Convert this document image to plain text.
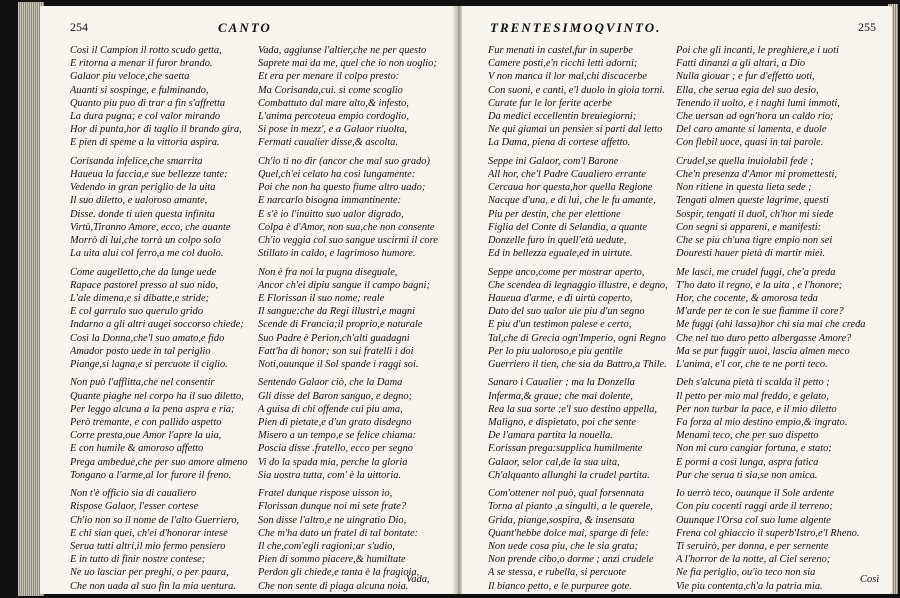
254	CANTO
Così il Campion il rotto scudo getta,
E ritorna a menar il furor brando.
Galaor piu veloce,che saetta
Auanti si sospinge, e fulminando,
Quanto piu puo di trar a fin s'affretta
La dura pugna; e col valor mirando
Hor di punta,hor di taglio il brando gira,
E pien di speme a la vittoria aspira.
Corisanda infelice,che smarrita
Haueua la faccia,e sue bellezze tante:
Vedendo in gran periglio de la uita
Il suo diletto, e ualoroso amante,
Disse. donde ti uien questa infinita
Virtù,Tiranno Amore, ecco, che auante
Morrò di lui,che torrà un colpo solo
La uita alui col ferro,a me col duolo.
Come augelletto,che da lunge uede
Rapace pastorel presso al suo nido,
L'ale dimena,e si dibatte,e stride;
E col garrulo suo querulo grido
Indarno a gli altri augei soccorso chiede;
Così la Donna,che'l suo amato,e fido
Amador posto uede in tal periglio
Piange,si lagna,e si percuote il ciglio.
Non può l'afflitta,che nel consentir
Quante piaghe nel corpo ha il suo diletto,
Per leggo alcuna a la pena aspra e ria;
Però tremante, e con pallido aspetto
Corre presta,oue Amor l'apre la uia,
E con humile & amoroso affetto
Prega ambedue,che per suo amore almeno
Tongano a l'arme,al lor furore il freno.
Non t'è officio sia di caualiero
Rispose Galaor, l'esser cortese
Ch'io non so il nome de l'alto Guerriero,
E chi sian quei, ch'ei d'honorar intese
Serua tutti altri,il mio fermo pensiero
E in tutto di finir nostre contese;
Ne uo lasciar per preghi, o per paura,
Che non uada al suo fin la mia uentura.
Vada, aggiunse l'altier,che ne per questo
Saprete mai da me, quel che io non uoglio;
Et era per menare il colpo presto:
Ma Corisanda,cui. sì come scoglio
Combattuto dal mare alto,& infesto,
L'anima percoteua empio cordoglio,
Si pose in mezz', e a Galaor riuolta,
Fermati caualier disse,& ascolta.
Ch'io ti no dir (ancor che mal suo grado)
Quel,ch'ei celato ha così lungamente:
Poi che non ha questo fiume altro uado;
E narcarlo bisogna immantinente:
E s'è io l'inuitto suo ualor digrado,
Colpa è d'Amor, non sua,che non consente
Ch'io veggia col suo sangue uscirmi il core
Stillato in caldo, e lagrimoso humore.
Non è fra noi la pugna diseguale,
Ancor ch'ei dipiu sangue il campo bagni;
E Florissan il suo nome; reale
Il sangue;che da Regi illustri,e magni
Scende di Francia;il proprio,e naturale
Suo Padre è Perion,ch'alti guadagni
Fatt'ha di honor; son sui fratelli i doi
Noti,ouunque il Sol spande i raggi soi.
Sentendo Galaor ciò, che la Dama
Gli disse del Baron sanguo, e degno;
A guisa di chi offende cui piu ama,
Pien di pietate,e d'un grato disdegno
Misero a un tempo,e se felice chiama:
Poscia disse .fratello, ecco per segno
Vi do la spada mia, perche la gloria
Sia uostra tutta, com' è la uittoria.
Fratel dunque rispose uisson io,
Florissan dunque noi mi sete frate?
Son disse l'altro,e ne uingratio Dio,
Che m'ha dato un fratel di tal bontate:
Il che,com'egli ragioni;ar s'udio,
Pien di sommo piacere,& humiltate
Perdon gli chiede,e tanta è la fragioia,
Che non sente di piaga alcuna noia.
Vada,
TRENTESIMOQVINTO.	255
Fur menati in castel,fur in superbe
Camere posti,e'n ricchi letti adorni;
V non manca il lor mal,chi discacerbe
Con suoni, e canti, e'l duolo in gioia torni.
Curate fur le lor ferite acerbe
Da medici eccellentin breuiegiorni;
Ne qui giamai un pensier si parti dal letto
La Dama, piena di cortese affetto.
Seppe ini Galaor, com'l Barone
All hor, che'l Padre Caualiero errante
Cercaua hor questa,hor quella Regione
Nacque d'una, e di lui, che le fu amante,
Piu per destin, che per elettione
Figlia del Conte di Selandia, a quante
Donzelle furo in quell'età uedute,
Ed in bellezza eguale,ed in uirtute.
Seppe anco,come per mostrar aperto,
Che scendea di legnaggio illustre, e degno,
Haueua d'arme, e di uirtù coperto,
Dato del suo ualor uie piu d'un segno
E piu d'un testimon palese e certo,
Tal,che di Grecia ogn'Imperio, ogni Regno
Per lo piu ualoroso,e piu gentile
Guerriero il tien, che sia da Battro,a Thile.
Sanaro i Caualier ; ma la Donzella
Inferma,& graue; che mai dolente,
Rea la sua sorte ;e'l suo destino appella,
Maligno, e dispietato, poi che sente
De l'amara partita la nouella.
F.orissan prega:supplica humilmente
Galaor, selor cal,de la sua uita,
Ch'alquanto allunghi la crudel partita.
Com'ottener nol può, qual forsennata
Torna al pianto ,a singulti, a le querele,
Grida, piange,sospira, & insensata
Quant'hebbe dolce mai, sparge di fele:
Non uede cosa piu, che le sia grata;
Non prende cibo,o dorme ; anzi crudele
A se stessa, e rubella, si percuote
Il bianco petto, e le purpuree gote.
Poi che gli incanti, le preghiere,e i uoti
Fatti dinanzi a gli altari, a Dio
Nulla giouar ; e fur d'effetto uoti,
Ella, che serua egia del suo desio,
Tenendo il uolto, e i naghi lumi immoti,
Che uersan ad ogn'hora un caldo rio;
Del caro amante si lamenta, e duole
Con flebil uoce, quasi in tai parole.
Crudel,se quella inuiolabil fede ;
Che'n presenza d'Amor mi promettesti,
Non ritiene in questa lieta sede ;
Tengati almen queste lagrime, questi
Sospir, tengati il duol, ch'hor mi siede
Con segni sì appareni, e manifesti:
Che se piu ch'una tigre empio non sei
Douresti hauer pietà di martir miei.
Me lasci, me crudel fuggi, che'a preda
T'ho dato il regno, e la uita , e l'honore;
Hor, che cocente, & amorosa teda
M'arde per te con le sue fiamme il core?
Me fuggi (ahi lassa)hor chi sia mai che creda
Che nel tuo duro petto albergasse Amore?
Ma se pur fuggir uuoi, lascia almen meco
L'anima, e'l cor, che te ne porti teco.
Deh s'alcuna pietà ti scalda il petto ;
Il petto per mio mal freddo, e gelato,
Per non turbar la pace, e il mio diletto
Fa forza al mio destino empio,& ingrato.
Menami teco, che per suo dispetto
Non mi curo cangiar fortuna, e stato;
E pormi a cosi lunga, aspra fatica
Pur che serua ti sia,se non amica.
Io uerrò teco, ouunque il Sole ardente
Con piu cocenti raggi arde il terreno;
Ouunque l'Orsa col suo lume algente
Frena col ghiaccio il superb'Istro,e'l Rheno.
Ti seruirò, per donna, e per sernente
A l'horror de la notte, al Ciel sereno;
Ne fia periglio, ou'io teco non sia
Vie piu contenta,ch'a la patria mia.
Così
